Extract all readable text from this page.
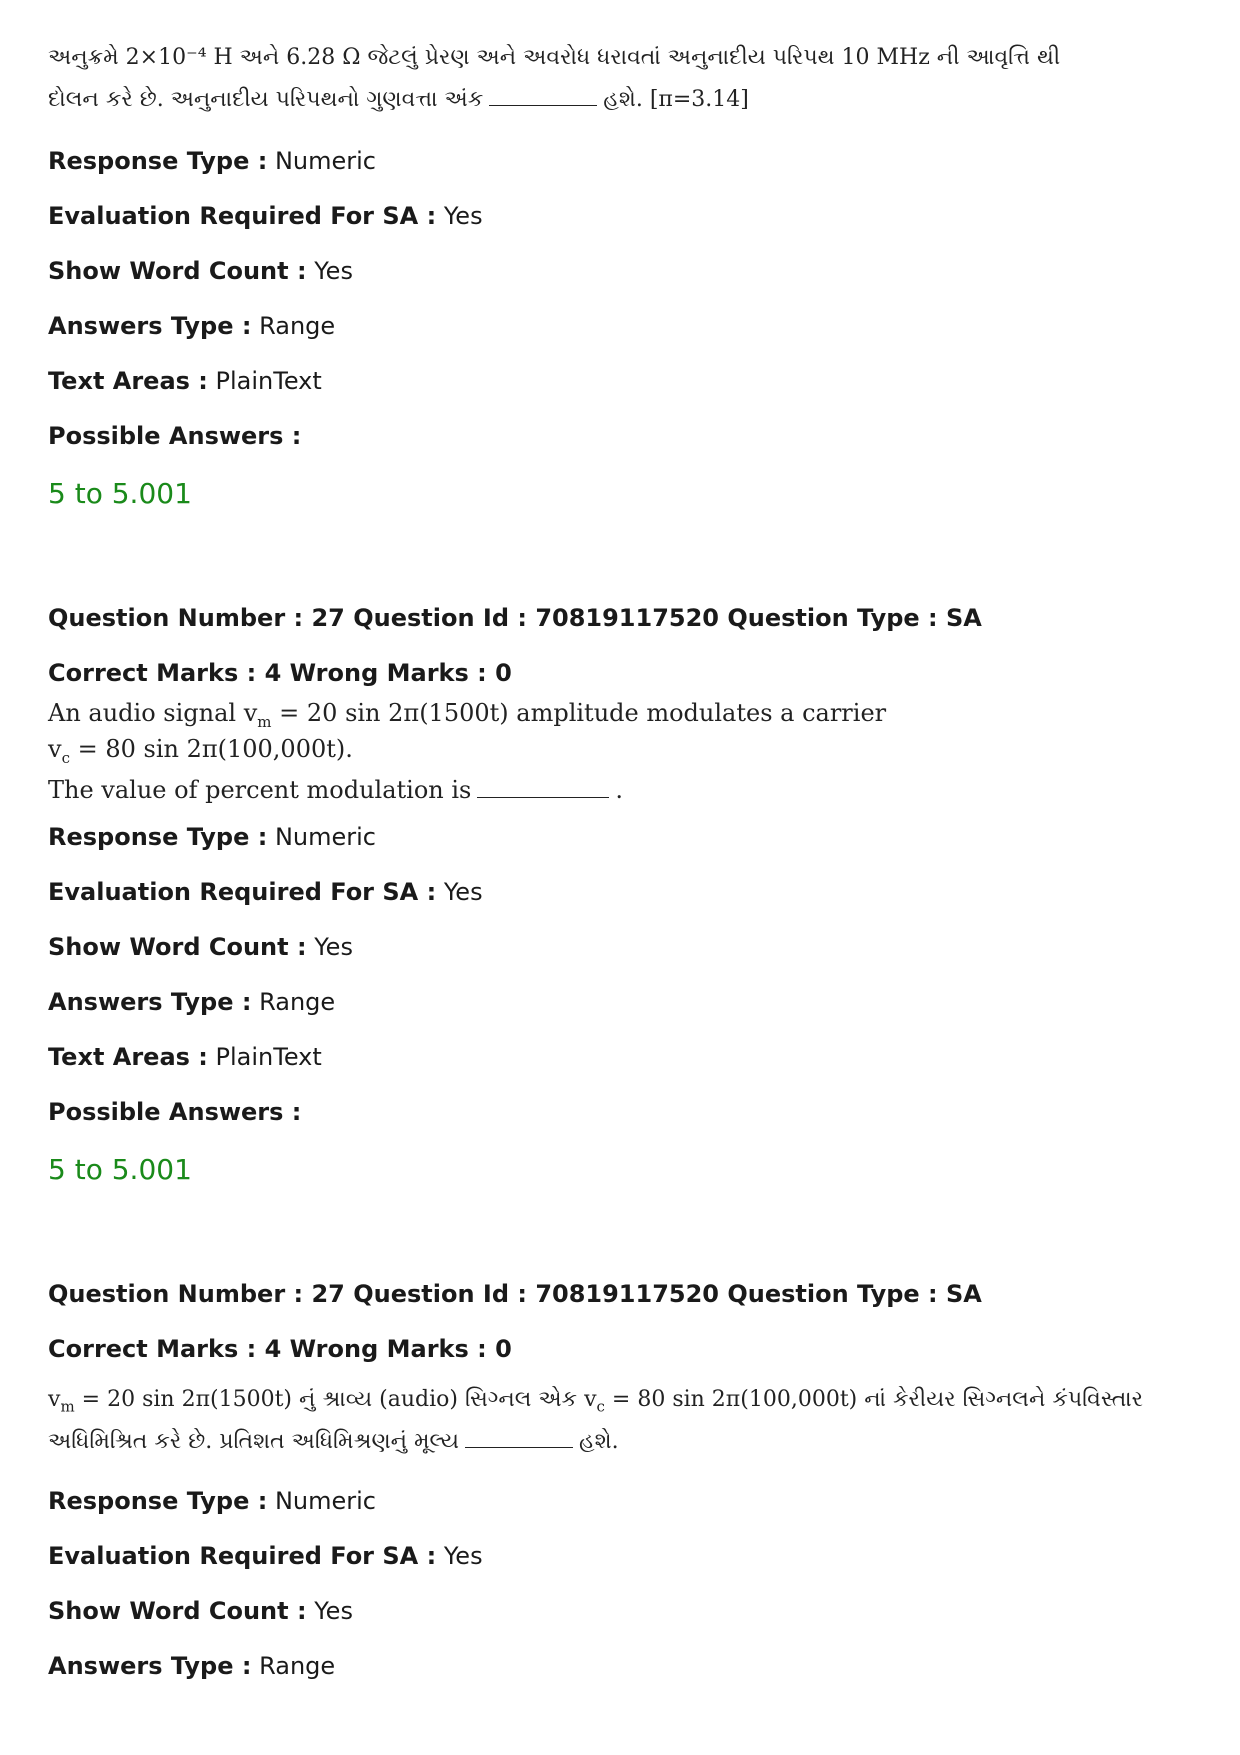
અનુક્રમે 2×10⁻⁴ H અને 6.28 Ω જેટલું પ્રેરણ અને અવરોધ ધરાવતાં અનુનાદીય પરિપથ 10 MHz ની આવૃત્તિ થી
દોલન કરે છે. અનુનાદીય પરિપથનો ગુણવત્તા અંક	હશે. [π=3.14]
Response Type : Numeric
Evaluation Required For SA : Yes
Show Word Count : Yes
Answers Type : Range
Text Areas : PlainText
Possible Answers :
5 to 5.001
Question Number : 27 Question Id : 70819117520 Question Type : SA
Correct Marks : 4 Wrong Marks : 0
An audio signal $v_m = 20$ sin 2π(1500t) amplitude modulates a carrier
$v_c = 80$ sin 2π(100,000t).
The value of percent modulation is	.
Response Type : Numeric
Evaluation Required For SA : Yes
Show Word Count : Yes
Answers Type : Range
Text Areas : PlainText
Possible Answers :
5 to 5.001
Question Number : 27 Question Id : 70819117520 Question Type : SA
Correct Marks : 4 Wrong Marks : 0
$v_m = 20$ sin 2π(1500t) નું શ્રાવ્ય (audio) સિગ્નલ એક $v_c = 80$ sin 2π(100,000t) નાં કેરીયર સિગ્નલને કંપવિસ્તાર
અધિમિશ્રિત કરે છે. પ્રતિશત અધિમિશ્રણનું મૂલ્ય	હશે.
Response Type : Numeric
Evaluation Required For SA : Yes
Show Word Count : Yes
Answers Type : Range
